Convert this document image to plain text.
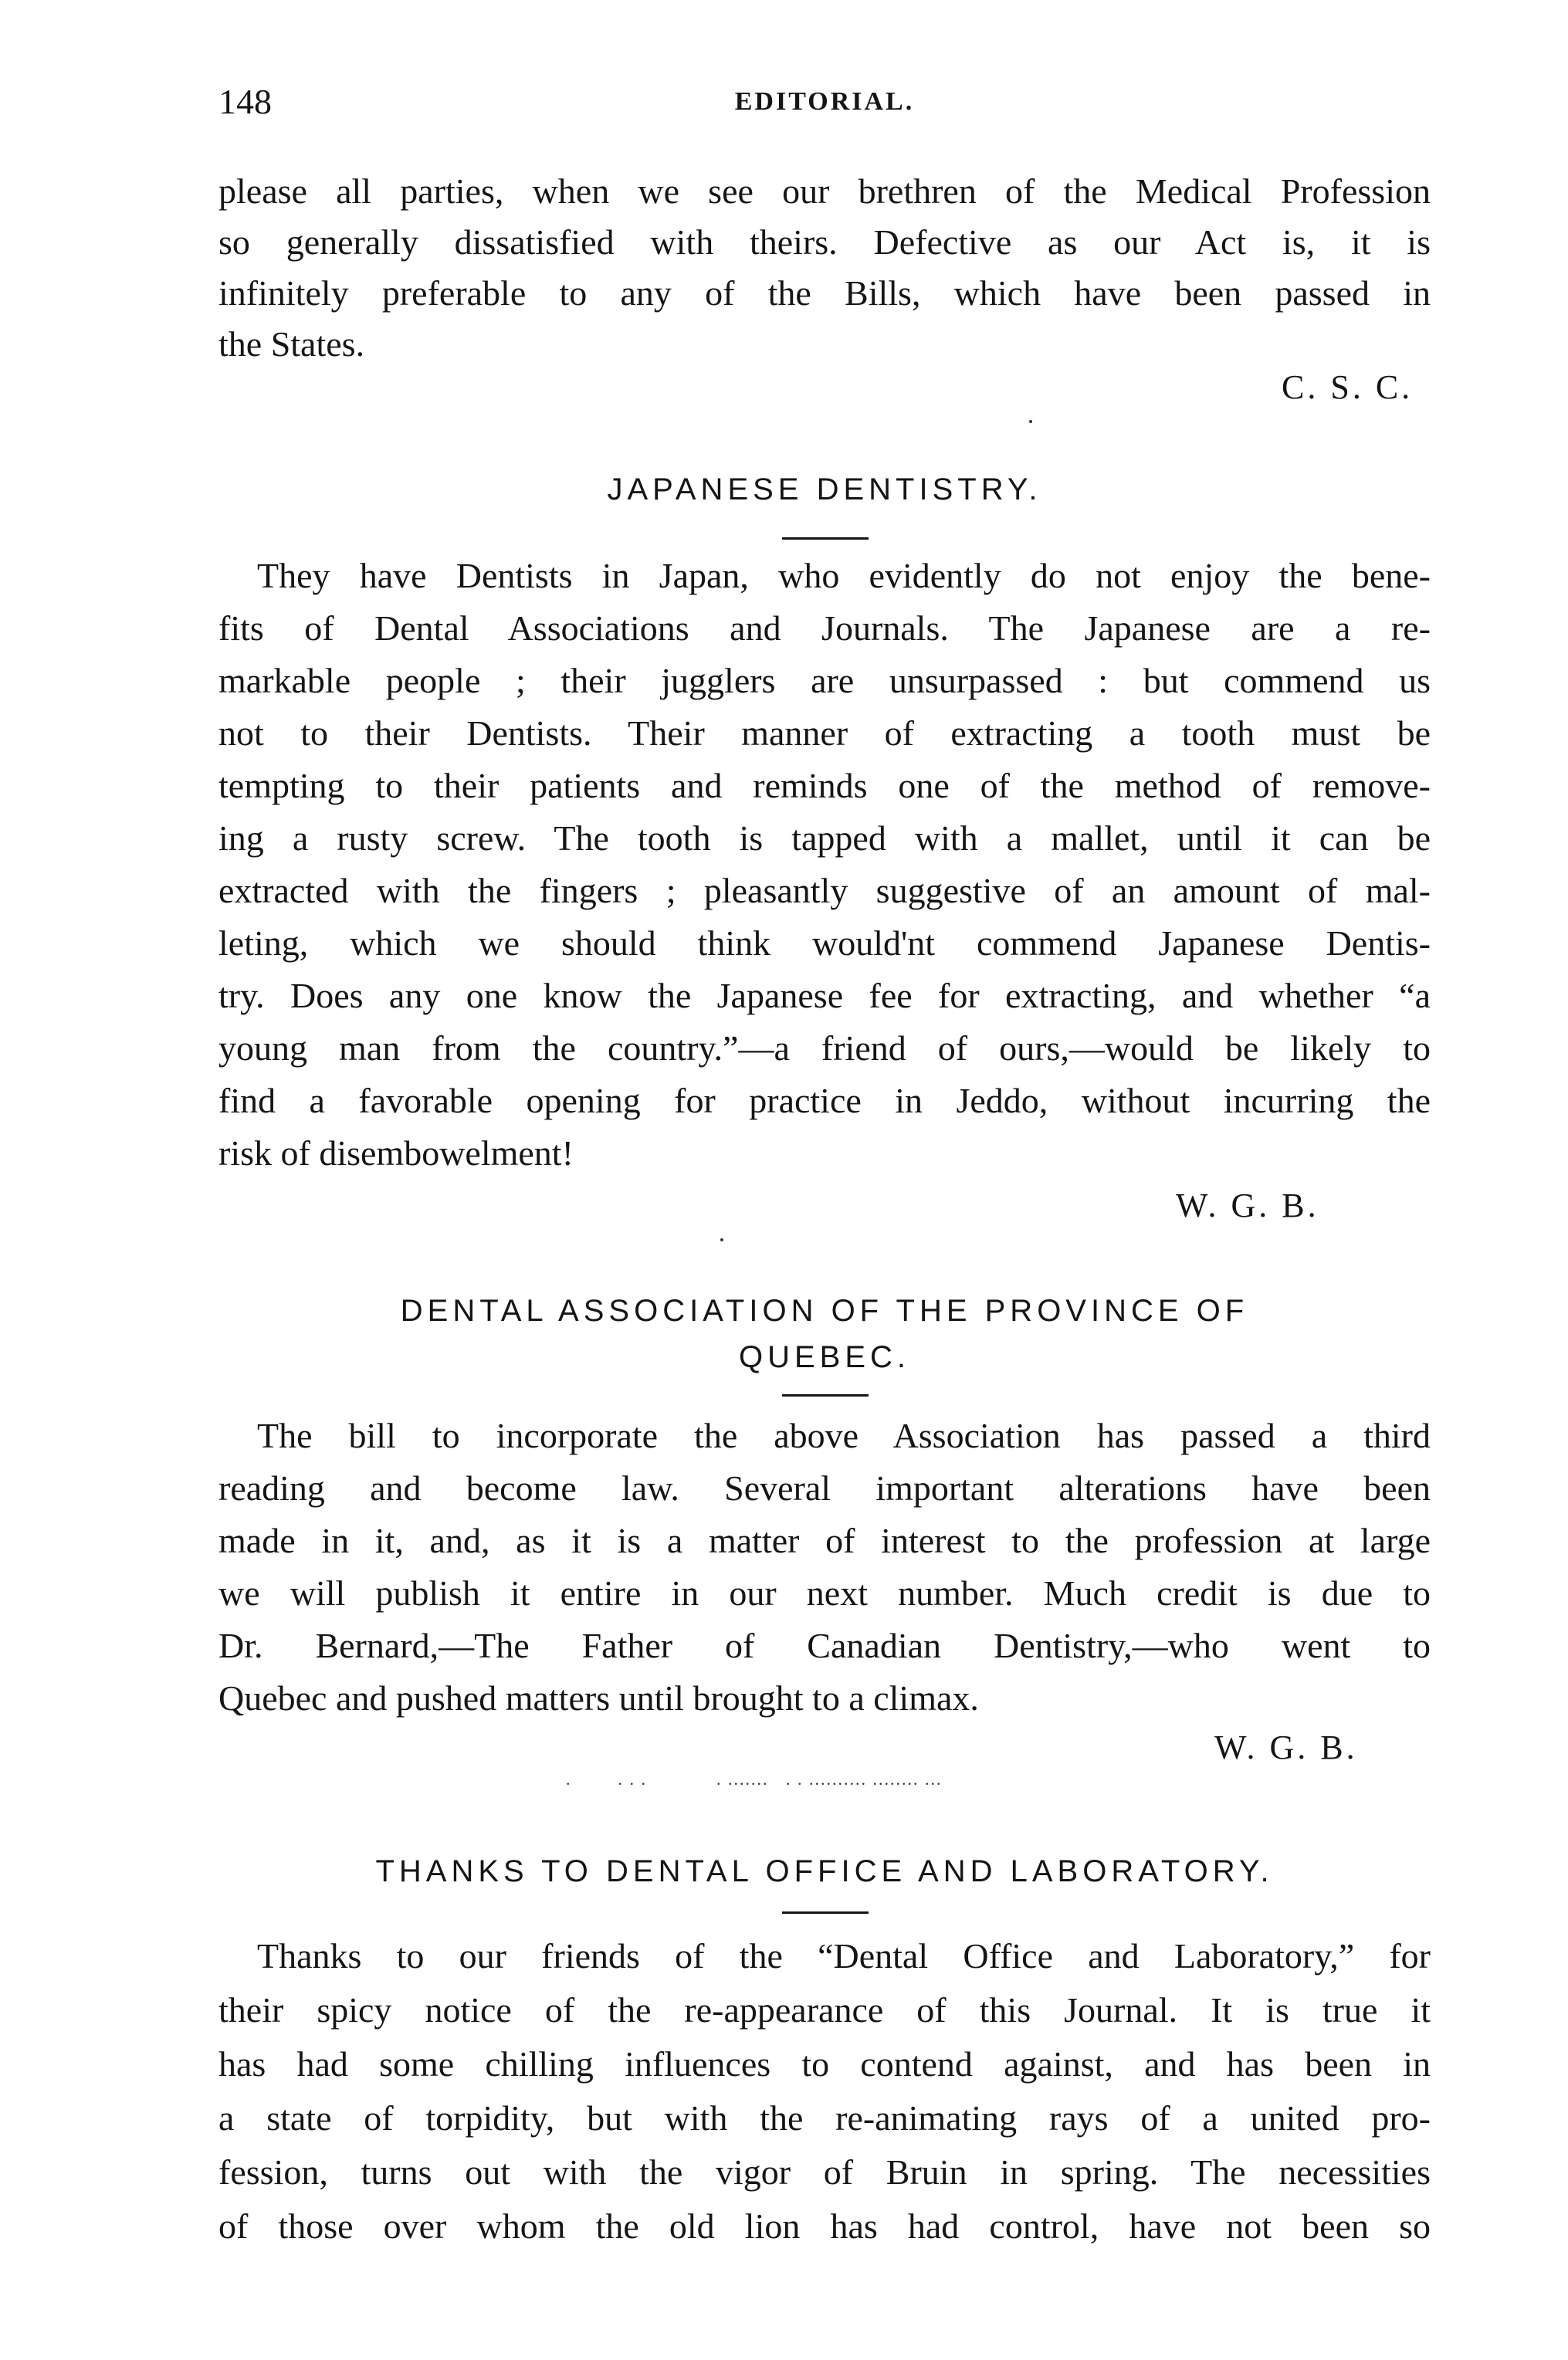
148	EDITORIAL.
please all parties, when we see our brethren of the Medical Profession
so generally dissatisfied with theirs. Defective as our Act is, it is
infinitely preferable to any of the Bills, which have been passed in
the States.
C. S. C.
JAPANESE DENTISTRY.
They have Dentists in Japan, who evidently do not enjoy the bene-
fits of Dental Associations and Journals. The Japanese are a re-
markable people ; their jugglers are unsurpassed : but commend us
not to their Dentists. Their manner of extracting a tooth must be
tempting to their patients and reminds one of the method of remove-
ing a rusty screw. The tooth is tapped with a mallet, until it can be
extracted with the fingers ; pleasantly suggestive of an amount of mal-
leting, which we should think would'nt commend Japanese Dentis-
try. Does any one know the Japanese fee for extracting, and whether “a
young man from the country.”—a friend of ours,—would be likely to
find a favorable opening for practice in Jeddo, without incurring the
risk of disembowelment!
W. G. B.
DENTAL ASSOCIATION OF THE PROVINCE OF
QUEBEC.
The bill to incorporate the above Association has passed a third
reading and become law. Several important alterations have been
made in it, and, as it is a matter of interest to the profession at large
we will publish it entire in our next number. Much credit is due to
Dr. Bernard,—The Father of Canadian Dentistry,—who went to
Quebec and pushed matters until brought to a climax.
W. G. B.
.        . . .            . .......   . . .......... ........ ...
THANKS TO DENTAL OFFICE AND LABORATORY.
Thanks to our friends of the “Dental Office and Laboratory,” for
their spicy notice of the re-appearance of this Journal. It is true it
has had some chilling influences to contend against, and has been in
a state of torpidity, but with the re-animating rays of a united pro-
fession, turns out with the vigor of Bruin in spring. The necessities
of those over whom the old lion has had control, have not been so
